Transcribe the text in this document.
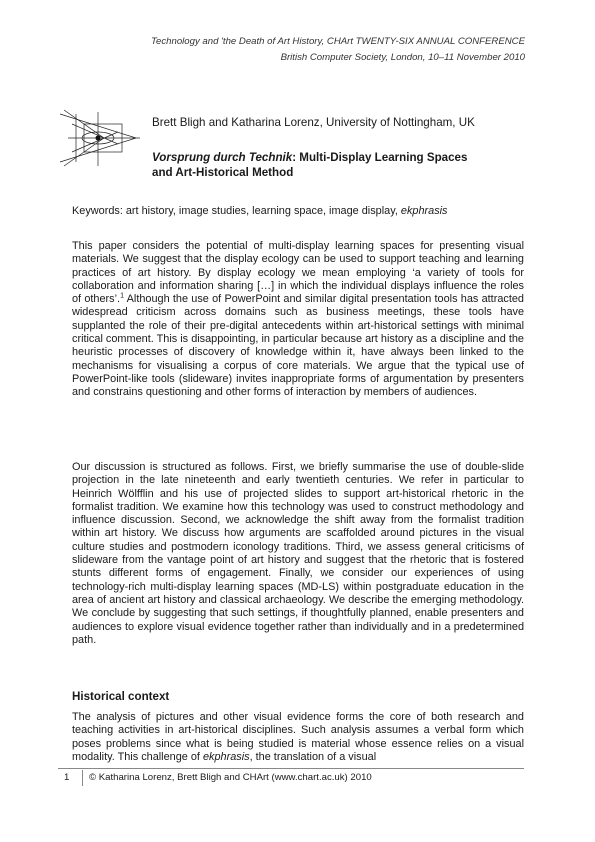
Technology and 'the Death of Art History, CHArt TWENTY-SIX ANNUAL CONFERENCE
British Computer Society, London, 10–11 November 2010
Brett Bligh and Katharina Lorenz, University of Nottingham, UK
Vorsprung durch Technik: Multi-Display Learning Spaces
and Art-Historical Method
Keywords: art history, image studies, learning space, image display, ekphrasis

This paper considers the potential of multi-display learning spaces for presenting visual materials. We suggest that the display ecology can be used to support teaching and learning practices of art history. By display ecology we mean employing ‘a variety of tools for collaboration and information sharing […] in which the individual displays influence the roles of others’.$^1$ Although the use of PowerPoint and similar digital presentation tools has attracted widespread criticism across domains such as business meetings, these tools have supplanted the role of their pre-digital antecedents within art-historical settings with minimal critical comment. This is disappointing, in particular because art history as a discipline and the heuristic processes of discovery of knowledge within it, have always been linked to the mechanisms for visualising a corpus of core materials. We argue that the typical use of PowerPoint-like tools (slideware) invites inappropriate forms of argumentation by presenters and constrains questioning and other forms of interaction by members of audiences.

Our discussion is structured as follows. First, we briefly summarise the use of double-slide projection in the late nineteenth and early twentieth centuries. We refer in particular to Heinrich Wölfflin and his use of projected slides to support art-historical rhetoric in the formalist tradition. We examine how this technology was used to construct methodology and influence discussion. Second, we acknowledge the shift away from the formalist tradition within art history. We discuss how arguments are scaffolded around pictures in the visual culture studies and postmodern iconology traditions. Third, we assess general criticisms of slideware from the vantage point of art history and suggest that the rhetoric that is fostered stunts different forms of engagement. Finally, we consider our experiences of using technology-rich multi-display learning spaces (MD-LS) within postgraduate education in the area of ancient art history and classical archaeology. We describe the emerging methodology. We conclude by suggesting that such settings, if thoughtfully planned, enable presenters and audiences to explore visual evidence together rather than individually and in a predetermined path.

Historical context

The analysis of pictures and other visual evidence forms the core of both research and teaching activities in art-historical disciplines. Such analysis assumes a verbal form which poses problems since what is being studied is material whose essence relies on a visual modality. This challenge of ekphrasis, the translation of a visual

1 © Katharina Lorenz, Brett Bligh and CHArt (www.chart.ac.uk) 2010
